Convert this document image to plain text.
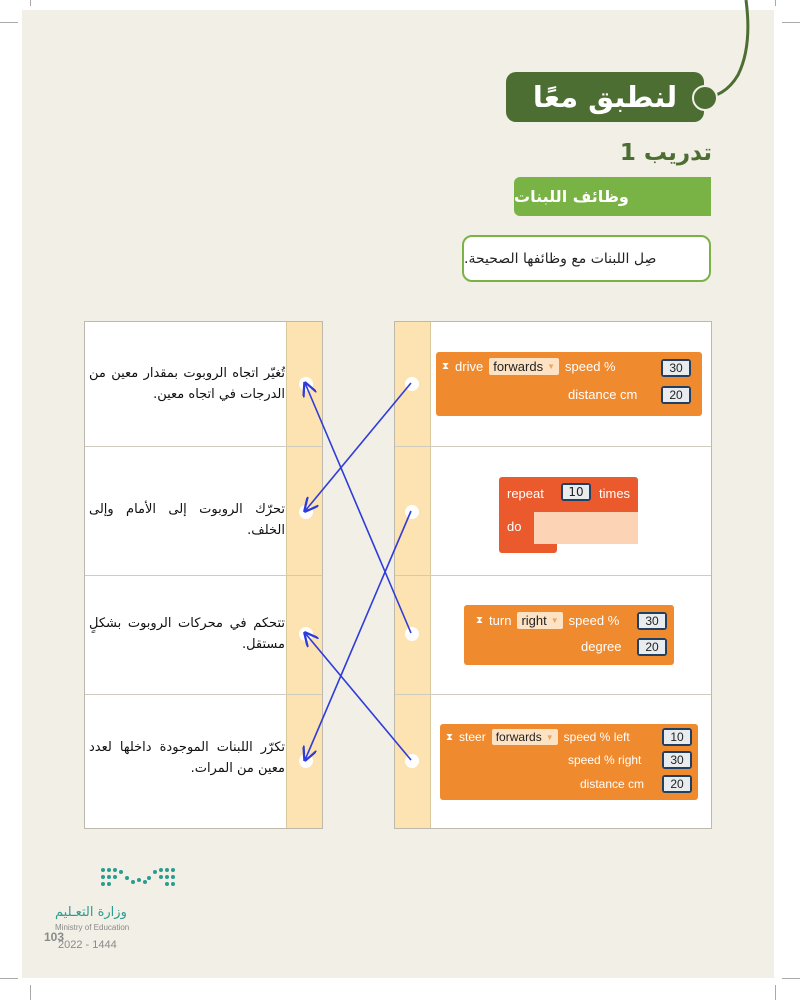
لنطبق معًا
تدريب 1
وظائف اللبنات
صِل اللبنات مع وظائفها الصحيحة.
تُغيّر اتجاه الروبوت بمقدار معين من الدرجات في اتجاه معين.
تحرّك الروبوت إلى الأمام وإلى الخلف.
تتحكم في محركات الروبوت بشكلٍ مستقل.
تكرّر اللبنات الموجودة داخلها لعدد معين من المرات.
⧗ drive forwards ▼ speed %	30
distance cm	20
repeat	10	times
do
⧗ turn right ▼ speed %	30
degree	20
⧗ steer forwards ▼ speed % left	10
speed % right	30
distance cm	20
وزارة التعـليم
Ministry of Education
103
2022 - 1444
